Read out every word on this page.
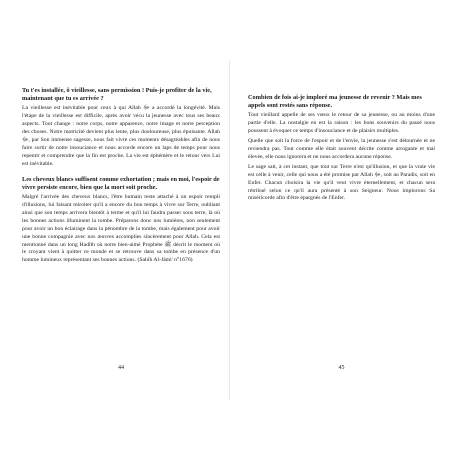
Tu t'es installée, ô vieillesse, sans permission ! Puis-je profiter de la vie, maintenant que tu es arrivée ?

La vieillesse est inévitable pour ceux à qui Allah ﷻ a accordé la longévité. Mais l'étape de la vieillesse est difficile, après avoir vécu la jeunesse avec tous ses beaux aspects. Tout change : notre corps, notre apparence, notre image et notre perception des choses. Notre motricité devient plus lente, plus douloureuse, plus épuisante. Allah ﷻ, par Son immense sagesse, nous fait vivre ces moments désagréables afin de nous faire sortir de notre insouciance et nous accorde encore un laps de temps pour nous repentir et comprendre que la fin est proche. La vie est éphémère et le retour vers Lui est inévitable.

Les cheveux blancs suffisent comme exhortation ; mais en moi, l'espoir de vivre persiste encore, bien que la mort soit proche.

Malgré l'arrivée des cheveux blancs, l'être humain reste attaché à un espoir rempli d'illusions, lui faisant miroiter qu'il a encore du bon temps à vivre sur Terre, oubliant ainsi que son temps arrivera bientôt à terme et qu'il lui faudra passer sous terre, là où les bonnes actions illuminent la tombe. Préparons donc nos lumières, non seulement pour avoir un bon éclairage dans la pénombre de la tombe, mais également pour avoir une bonne compagnie avec nos œuvres accomplies sincèrement pour Allah. Cela est mentionné dans un long Hadîth où notre bien-aimé Prophète ﷺ décrit le moment où le croyant vient à quitter ce monde et se retrouve dans sa tombe en présence d'un homme lumineux représentant ses bonnes actions. (Sahîh Al-Jâmi' n°1676)

44
Combien de fois ai-je imploré ma jeunesse de revenir ? Mais mes appels sont restés sans réponse.

Tout vieillard appelle de ses vœux le retour de sa jeunesse, ou au moins d'une partie d'elle. La nostalgie en est la raison : les bons souvenirs du passé nous poussent à évoquer ce temps d'insouciance et de plaisirs multiples.

Quelle que soit la force de l'espoir et de l'envie, la jeunesse s'est détournée et ne reviendra pas. Tout comme elle était souvent décrite comme arrogante et mal élevée, elle nous ignorera et ne nous accordera aucune réponse.

Le sage sait, à cet instant, que tout sur Terre n'est qu'illusion, et que la vraie vie est celle à venir, celle qui nous a été promise par Allah ﷻ, soit au Paradis, soit en Enfer. Chacun choisira la vie qu'il veut vivre éternellement, et chacun sera rétribué selon ce qu'il aura présenté à son Seigneur. Nous implorons Sa miséricorde afin d'être épargnés de l'Enfer.

45
